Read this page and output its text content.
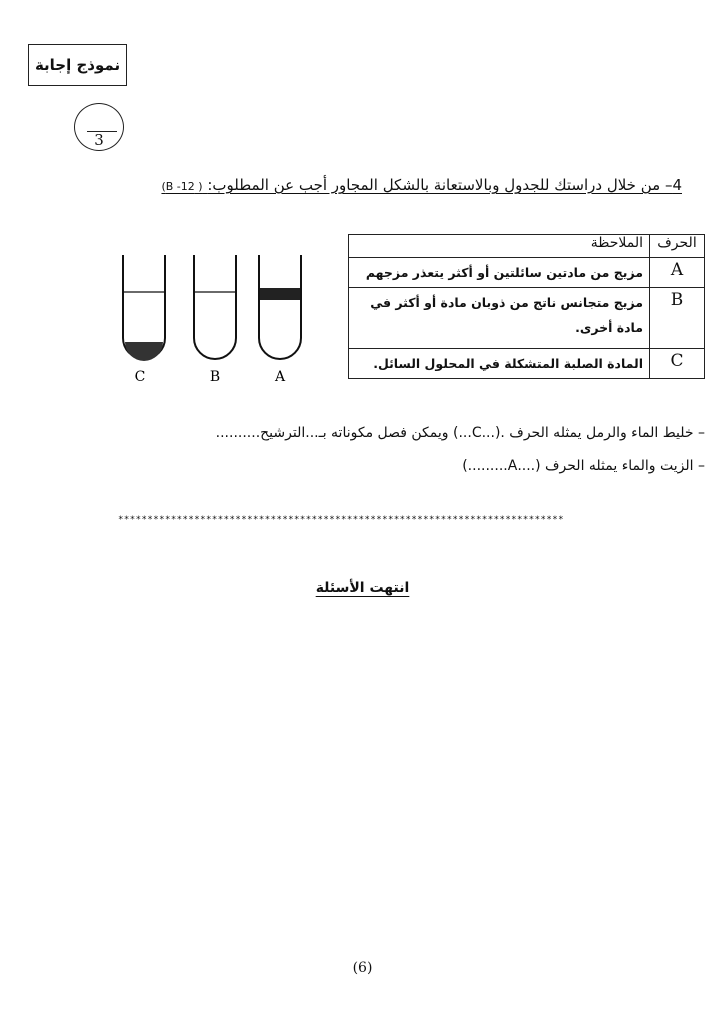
نموذج إجابة
3
4– من خلال دراستك للجدول وبالاستعانة بالشكل المجاور أجب عن المطلوب: ( B -12)
الحرف	الملاحظة
A	مزيج من مادتين سائلتين أو أكثر يتعذر مزجهم
B	مزيج متجانس ناتج من ذوبان مادة أو أكثر في مادة أخرى.
C	المادة الصلبة المتشكلة في المحلول السائل.
C	B	A
– خليط الماء والرمل يمثله الحرف .(...C...) ويمكن فصل مكوناته بـ...الترشيح..........
– الزيت والماء يمثله الحرف (....A.........)
****************************************************************************
انتهت الأسئلة
(6)
